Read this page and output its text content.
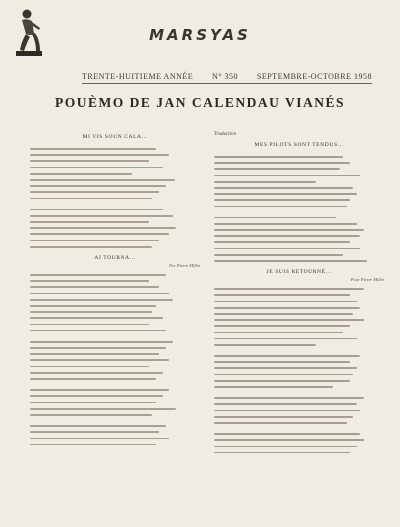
MARSYAS
TRENTE-HUITIEME ANNÉE N° 350 SEPTEMBRE-OCTOBRE 1958
POUÈMO DE JAN CALENDAU VIANÉS
Traduction
MI VIS SOUN CALA...
AI TOURNA...
Per Pierre Millet
MES PILOTS SONT TENDUS...
JE SUIS RETOURNÉ...
Pour Pierre Millet
